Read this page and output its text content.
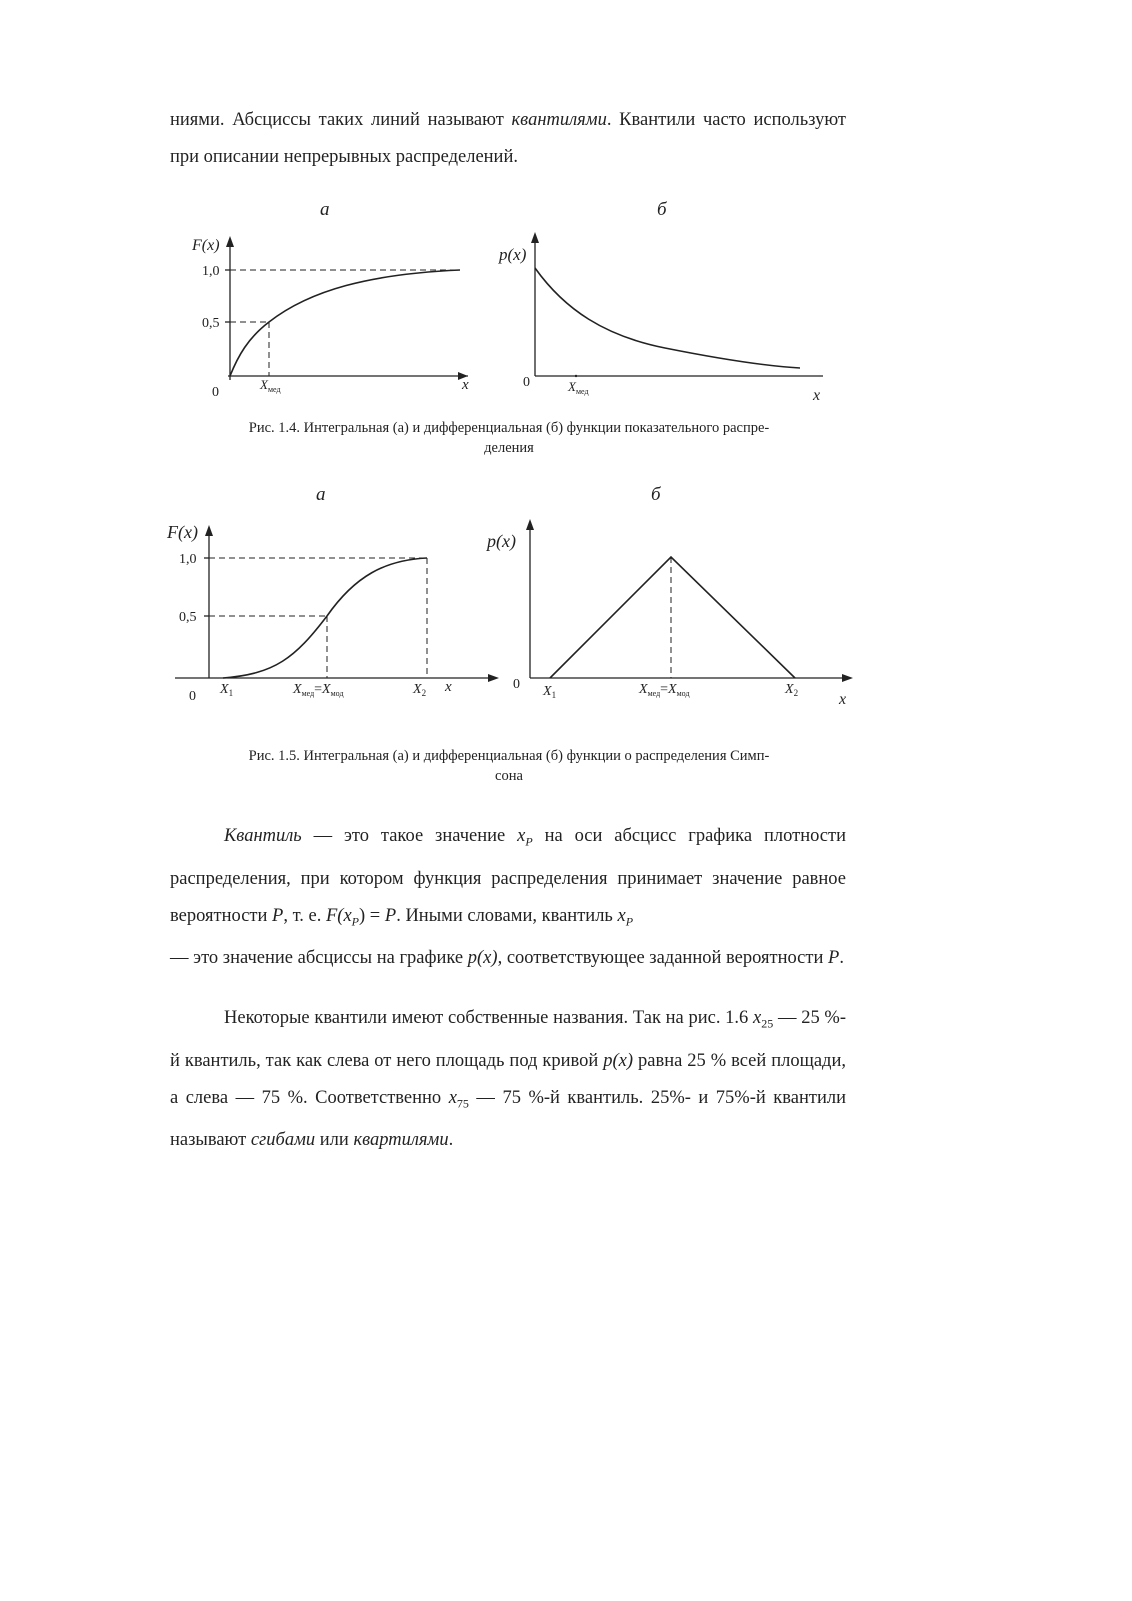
ниями. Абсциссы таких линий называют квантилями. Квантили часто используют при описании непрерывных распределений.

а	б
F(x)
1,0
0,5
0
$X_{мед}$	x
p(x)
0	$X_{мед}$	x

Рис. 1.4. Интегральная (а) и дифференциальная (б) функции показательного распре-
деления

а	б
F(x)
1,0
0,5
0 $X_1$	$X_{мед}=X_{мод}$	$X_2$ x
p(x)
0 $X_1$	$X_{мед}=X_{мод}$	$X_2$	x

Рис. 1.5. Интегральная (а) и дифференциальная (б) функции о распределения Симп-
сона

Квантиль — это такое значение $x_P$ на оси абсцисс графика плотности распределения, при котором функция распределения принимает значение равное вероятности P, т. е. $F(x_P) = P$. Иными словами, квантиль $x_P$
— это значение абсциссы на графике p(x), соответствующее заданной вероятности P.

Некоторые квантили имеют собственные названия. Так на рис. 1.6 $x_{25}$ — 25 %-й квантиль, так как слева от него площадь под кривой p(x) равна 25 % всей площади, а слева — 75 %. Соответственно $x_{75}$ — 75 %-й квантиль. 25%- и 75%-й квантили называют сгибами или квартилями.
